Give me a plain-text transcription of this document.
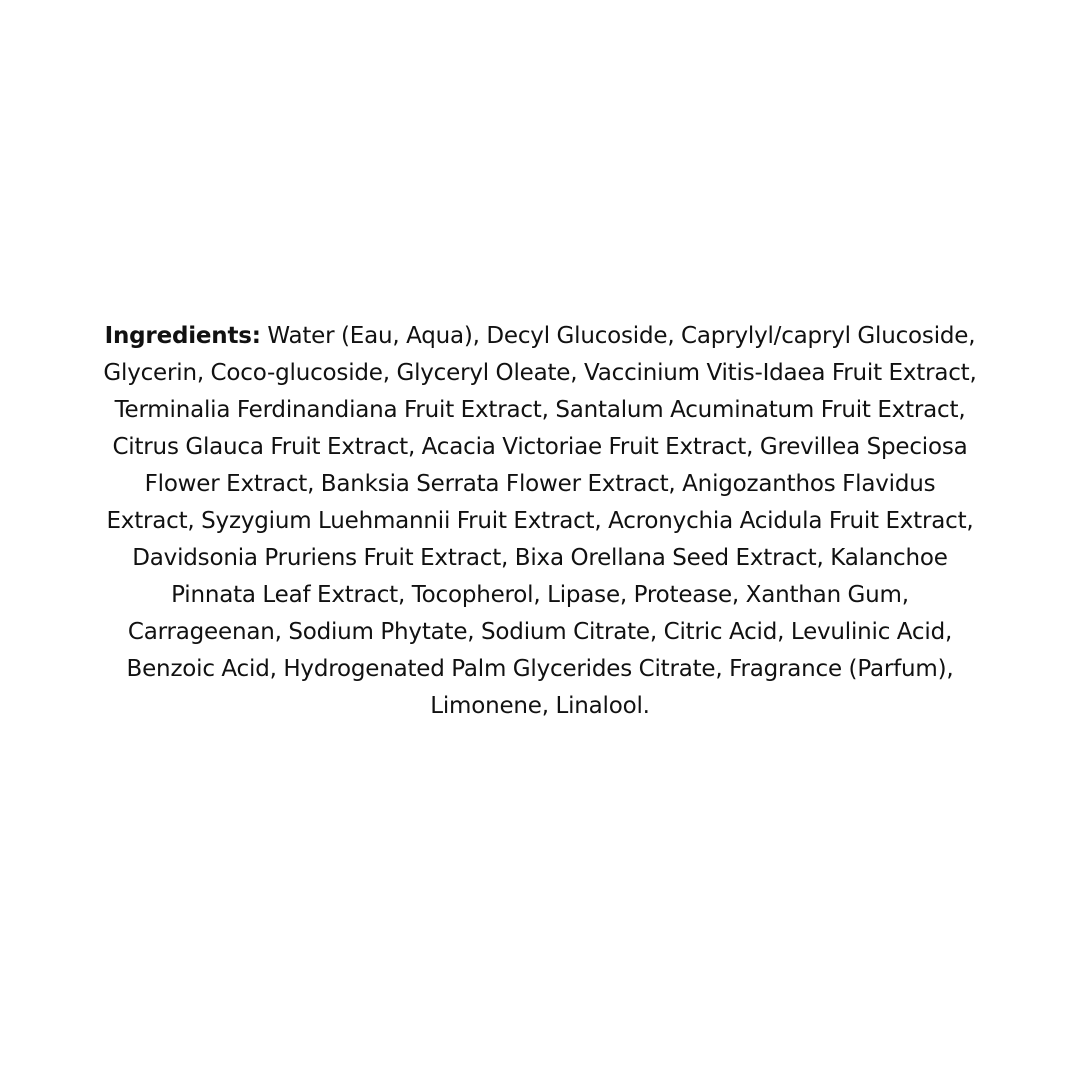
Ingredients: Water (Eau, Aqua), Decyl Glucoside, Caprylyl/capryl Glucoside, Glycerin, Coco-glucoside, Glyceryl Oleate, Vaccinium Vitis-Idaea Fruit Extract, Terminalia Ferdinandiana Fruit Extract, Santalum Acuminatum Fruit Extract, Citrus Glauca Fruit Extract, Acacia Victoriae Fruit Extract, Grevillea Speciosa Flower Extract, Banksia Serrata Flower Extract, Anigozanthos Flavidus Extract, Syzygium Luehmannii Fruit Extract, Acronychia Acidula Fruit Extract, Davidsonia Pruriens Fruit Extract, Bixa Orellana Seed Extract, Kalanchoe Pinnata Leaf Extract, Tocopherol, Lipase, Protease, Xanthan Gum, Carrageenan, Sodium Phytate, Sodium Citrate, Citric Acid, Levulinic Acid, Benzoic Acid, Hydrogenated Palm Glycerides Citrate, Fragrance (Parfum), Limonene, Linalool.
